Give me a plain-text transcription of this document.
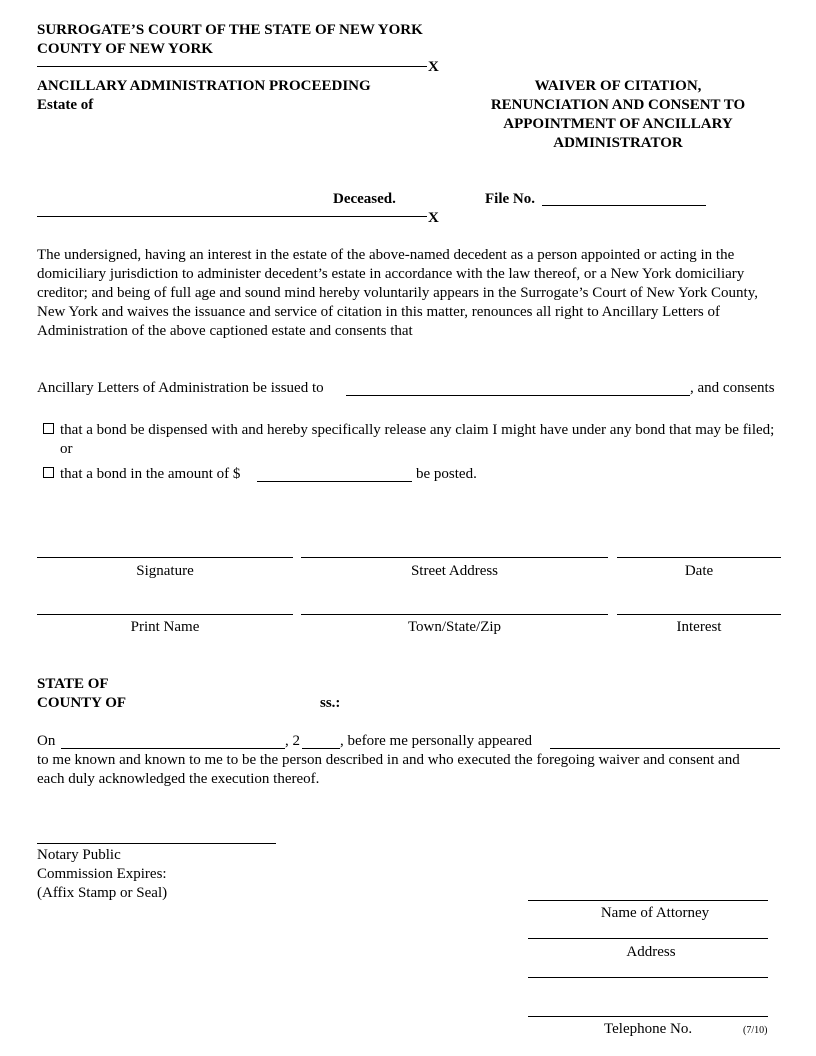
SURROGATE’S COURT OF THE STATE OF NEW YORK
COUNTY OF NEW YORK
X
ANCILLARY ADMINISTRATION PROCEEDING
Estate of
WAIVER OF CITATION,
RENUNCIATION AND CONSENT TO
APPOINTMENT OF ANCILLARY
ADMINISTRATOR
Deceased.	File No.
X
The undersigned, having an interest in the estate of the above-named decedent as a person appointed or acting in the domiciliary jurisdiction to administer decedent’s estate in accordance with the law thereof, or a New York domiciliary creditor; and being of full age and sound mind hereby voluntarily appears in the Surrogate’s Court of New York County, New York and waives the issuance and service of citation in this matter, renounces all right to Ancillary Letters of Administration of the above captioned estate and consents that
Ancillary Letters of Administration be issued to	, and consents
that a bond be dispensed with and hereby specifically release any claim I might have under any bond that may be filed; or
that a bond in the amount of $	be posted.
Signature	Street Address	Date
Print Name	Town/State/Zip	Interest
STATE OF
COUNTY OF	ss.:
On	, 2	, before me personally appeared
to me known and known to me to be the person described in and who executed the foregoing waiver and consent and each duly acknowledged the execution thereof.
Notary Public
Commission Expires:
(Affix Stamp or Seal)
Name of Attorney
Address
Telephone No.	(7/10)
